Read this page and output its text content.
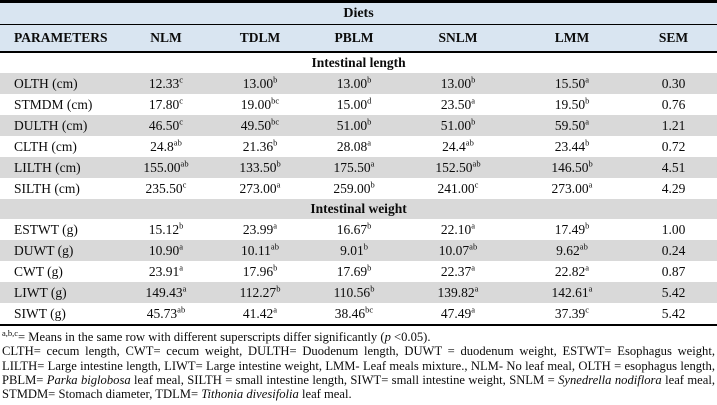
Diets						
PARAMETERS	NLM	TDLM	PBLM	SNLM	LMM	SEM
Intestinal length						
OLTH (cm)	12.33$^c$	13.00$^b$	13.00$^b$	13.00$^b$	15.50$^a$	0.30
STMDM (cm)	17.80$^c$	19.00$^{bc}$	15.00$^d$	23.50$^a$	19.50$^b$	0.76
DULTH (cm)	46.50$^c$	49.50$^{bc}$	51.00$^b$	51.00$^b$	59.50$^a$	1.21
CLTH (cm)	24.8$^{ab}$	21.36$^b$	28.08$^a$	24.4$^{ab}$	23.44$^b$	0.72
LILTH (cm)	155.00$^{ab}$	133.50$^b$	175.50$^a$	152.50$^{ab}$	146.50$^b$	4.51
SILTH (cm)	235.50$^c$	273.00$^a$	259.00$^b$	241.00$^c$	273.00$^a$	4.29
Intestinal weight						
ESTWT (g)	15.12$^b$	23.99$^a$	16.67$^b$	22.10$^a$	17.49$^b$	1.00
DUWT (g)	10.90$^a$	10.11$^{ab}$	9.01$^b$	10.07$^{ab}$	9.62$^{ab}$	0.24
CWT (g)	23.91$^a$	17.96$^b$	17.69$^b$	22.37$^a$	22.82$^a$	0.87
LIWT (g)	149.43$^a$	112.27$^b$	110.56$^b$	139.82$^a$	142.61$^a$	5.42
SIWT (g)	45.73$^{ab}$	41.42$^a$	38.46$^{bc}$	47.49$^a$	37.39$^c$	5.42

$^{a,b,c}$= Means in the same row with different superscripts differ significantly (p <0.05).

CLTH= cecum length, CWT= cecum weight, DULTH= Duodenum length, DUWT = duodenum weight, ESTWT= Esophagus weight, LILTH= Large intestine length, LIWT= Large intestine weight, LMM- Leaf meals mixture., NLM- No leaf meal, OLTH = esophagus length, PBLM= Parka biglobosa leaf meal, SILTH = small intestine length, SIWT= small intestine weight, SNLM = Synedrella nodiflora leaf meal, STMDM= Stomach diameter, TDLM= Tithonia divesifolia leaf meal.
